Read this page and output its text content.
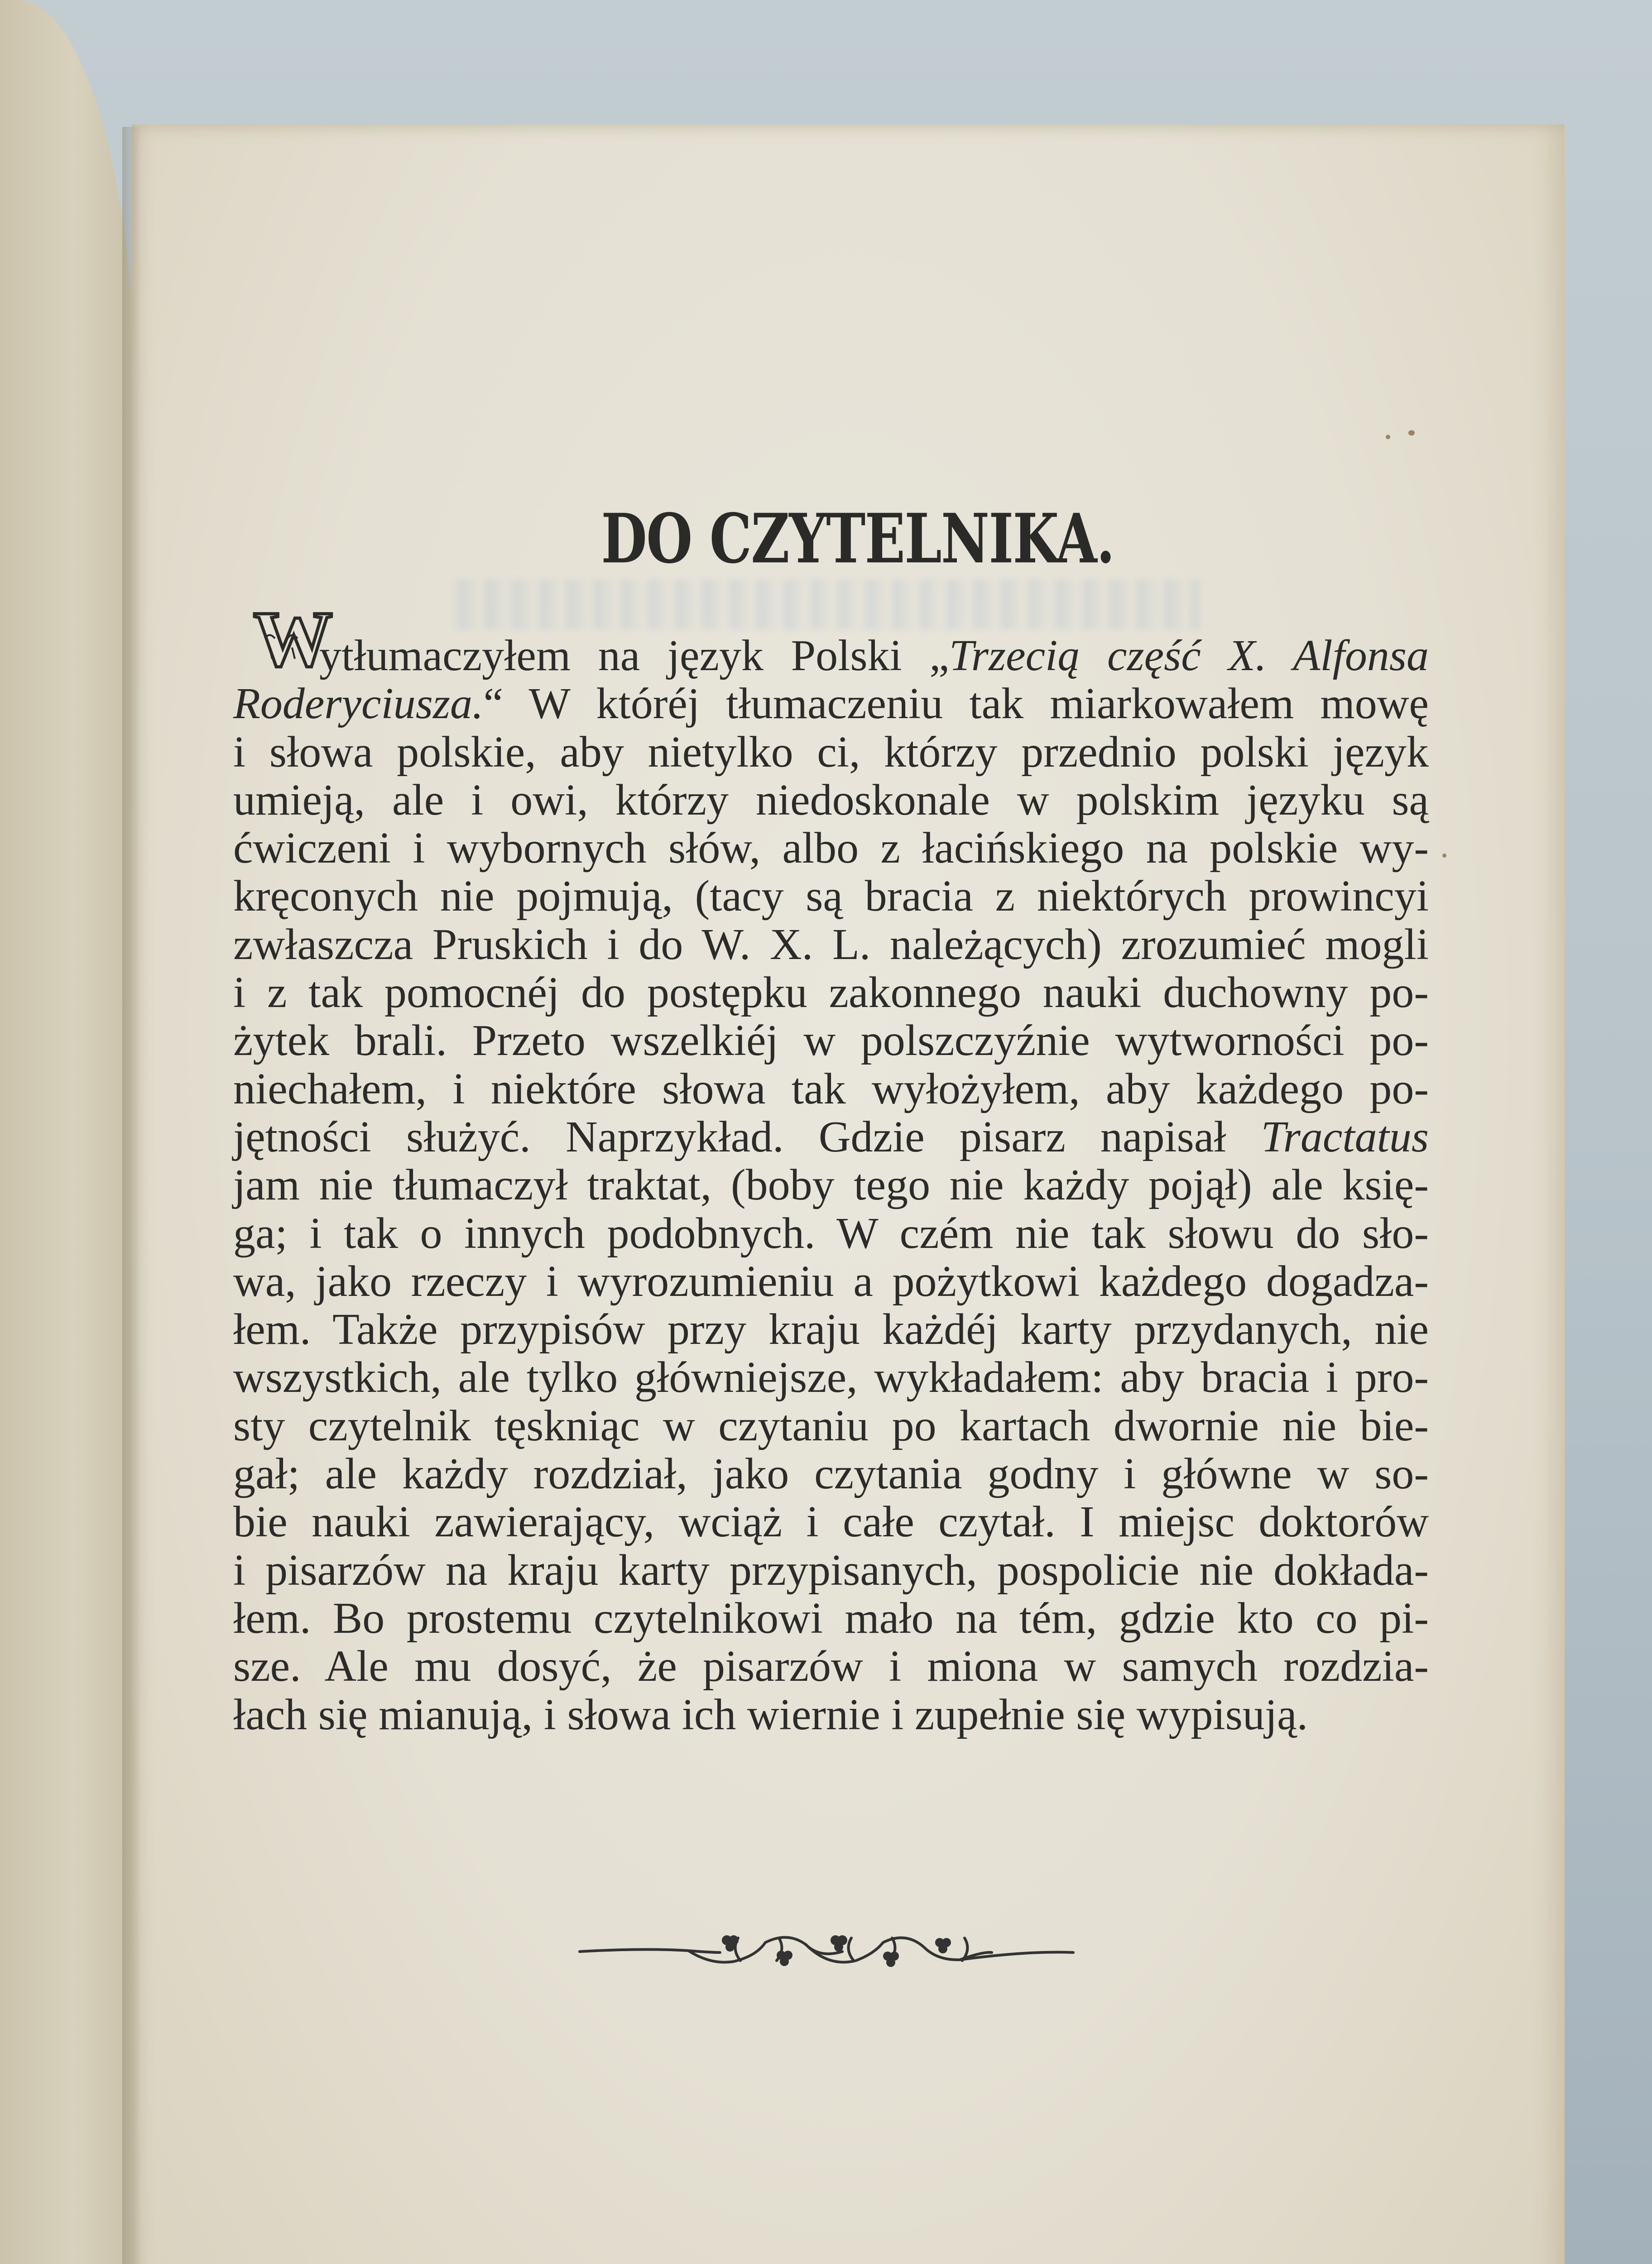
DO CZYTELNIKA.
W
ytłumaczyłem na język Polski „Trzecią część X. Alfonsa
Roderyciusza.“ W któréj tłumaczeniu tak miarkowałem mowę
i słowa polskie, aby nietylko ci, którzy przednio polski język
umieją, ale i owi, którzy niedoskonale w polskim języku są
ćwiczeni i wybornych słów, albo z łacińskiego na polskie wy-
kręconych nie pojmują, (tacy są bracia z niektórych prowincyi
zwłaszcza Pruskich i do W. X. L. należących) zrozumieć mogli
i z tak pomocnéj do postępku zakonnego nauki duchowny po-
żytek brali. Przeto wszelkiéj w polszczyźnie wytworności po-
niechałem, i niektóre słowa tak wyłożyłem, aby każdego po-
jętności służyć. Naprzykład. Gdzie pisarz napisał Tractatus
jam nie tłumaczył traktat, (boby tego nie każdy pojął) ale księ-
ga; i tak o innych podobnych. W czém nie tak słowu do sło-
wa, jako rzeczy i wyrozumieniu a pożytkowi każdego dogadza-
łem. Także przypisów przy kraju każdéj karty przydanych, nie
wszystkich, ale tylko główniejsze, wykładałem: aby bracia i pro-
sty czytelnik tęskniąc w czytaniu po kartach dwornie nie bie-
gał; ale każdy rozdział, jako czytania godny i główne w so-
bie nauki zawierający, wciąż i całe czytał. I miejsc doktorów
i pisarzów na kraju karty przypisanych, pospolicie nie dokłada-
łem. Bo prostemu czytelnikowi mało na tém, gdzie kto co pi-
sze. Ale mu dosyć, że pisarzów i miona w samych rozdzia-
łach się mianują, i słowa ich wiernie i zupełnie się wypisują.
